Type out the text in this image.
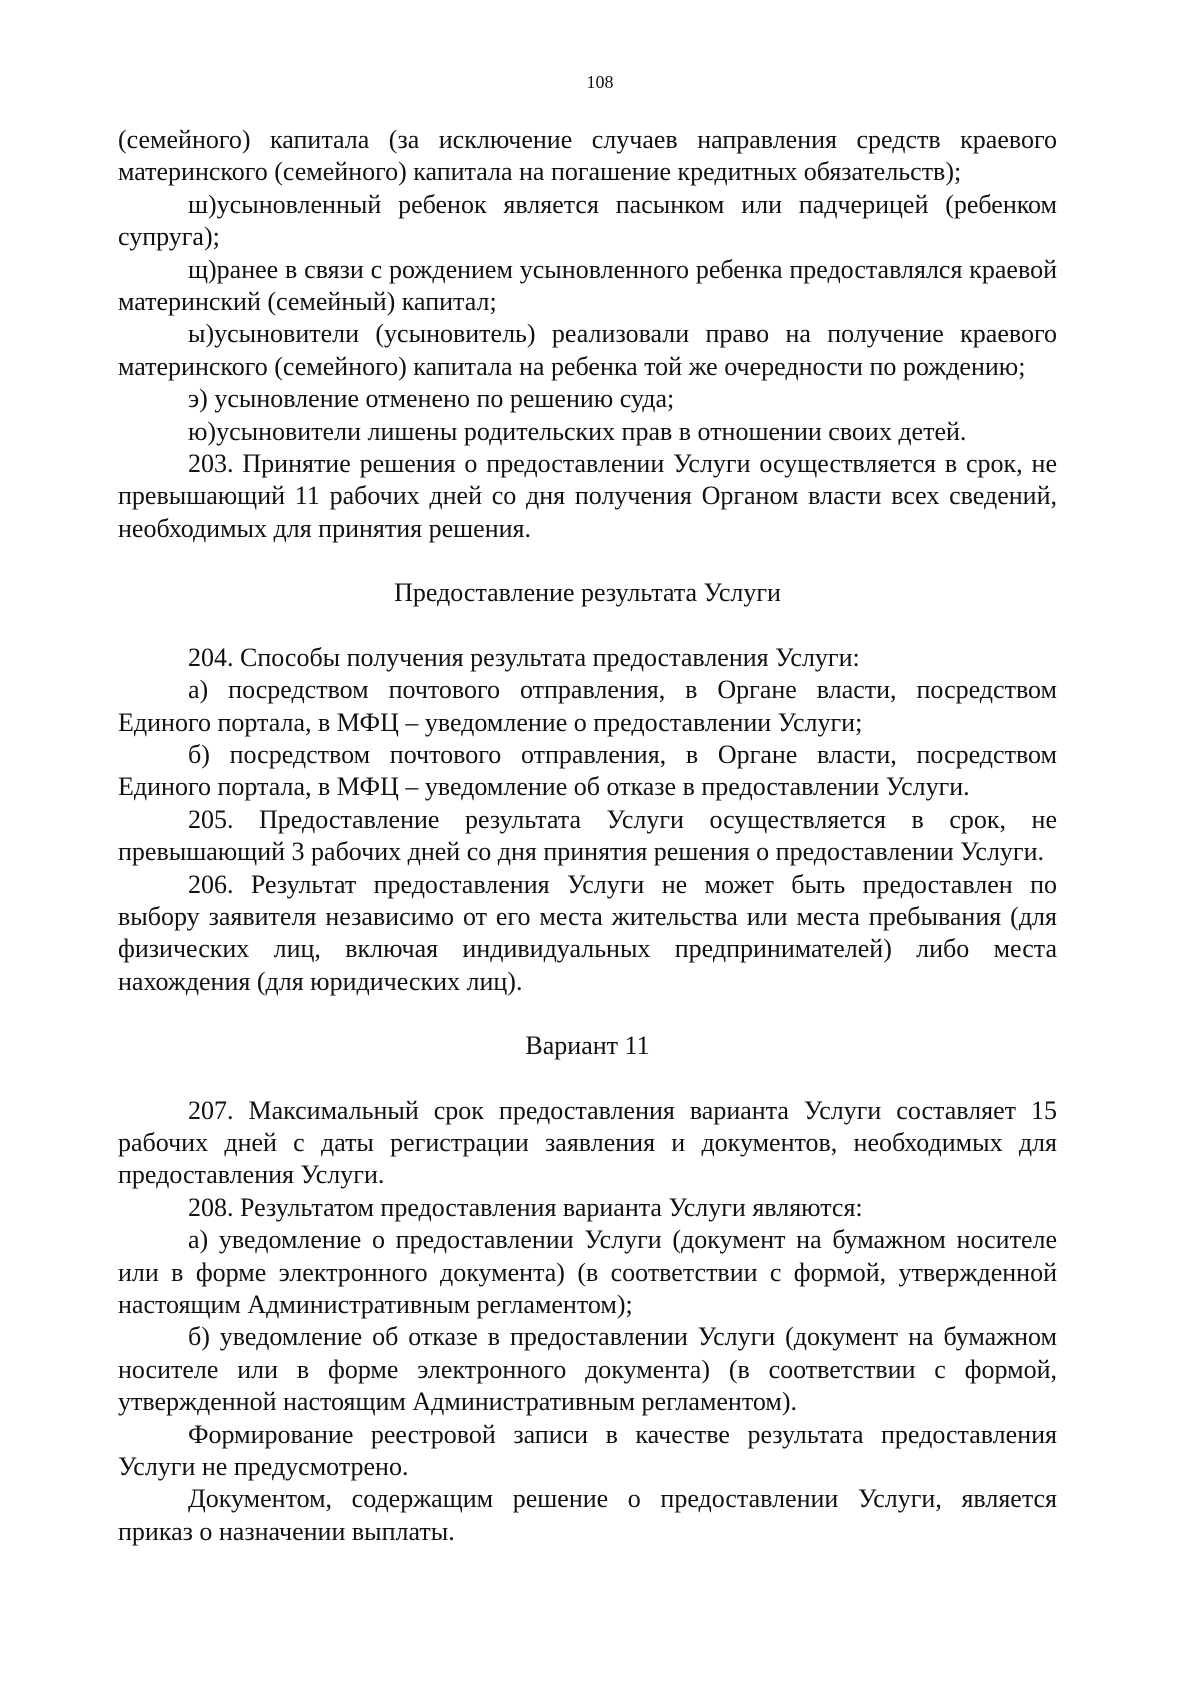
108

(семейного) капитала (за исключение случаев направления средств краевого материнского (семейного) капитала на погашение кредитных обязательств);

ш)усыновленный ребенок является пасынком или падчерицей (ребенком супруга);

щ)ранее в связи с рождением усыновленного ребенка предоставлялся краевой материнский (семейный) капитал;

ы)усыновители (усыновитель) реализовали право на получение краевого материнского (семейного) капитала на ребенка той же очередности по рождению;

э) усыновление отменено по решению суда;

ю)усыновители лишены родительских прав в отношении своих детей.

203. Принятие решения о предоставлении Услуги осуществляется в срок, не превышающий 11 рабочих дней со дня получения Органом власти всех сведений, необходимых для принятия решения.

Предоставление результата Услуги

204. Способы получения результата предоставления Услуги:

а) посредством почтового отправления, в Органе власти, посредством Единого портала, в МФЦ – уведомление о предоставлении Услуги;

б) посредством почтового отправления, в Органе власти, посредством Единого портала, в МФЦ – уведомление об отказе в предоставлении Услуги.

205. Предоставление результата Услуги осуществляется в срок, не превышающий 3 рабочих дней со дня принятия решения о предоставлении Услуги.

206. Результат предоставления Услуги не может быть предоставлен по выбору заявителя независимо от его места жительства или места пребывания (для физических лиц, включая индивидуальных предпринимателей) либо места нахождения (для юридических лиц).

Вариант 11

207. Максимальный срок предоставления варианта Услуги составляет 15 рабочих дней с даты регистрации заявления и документов, необходимых для предоставления Услуги.

208. Результатом предоставления варианта Услуги являются:

а) уведомление о предоставлении Услуги (документ на бумажном носителе или в форме электронного документа) (в соответствии с формой, утвержденной настоящим Административным регламентом);

б) уведомление об отказе в предоставлении Услуги (документ на бумажном носителе или в форме электронного документа) (в соответствии с формой, утвержденной настоящим Административным регламентом).

Формирование реестровой записи в качестве результата предоставления Услуги не предусмотрено.

Документом, содержащим решение о предоставлении Услуги, является приказ о назначении выплаты.
